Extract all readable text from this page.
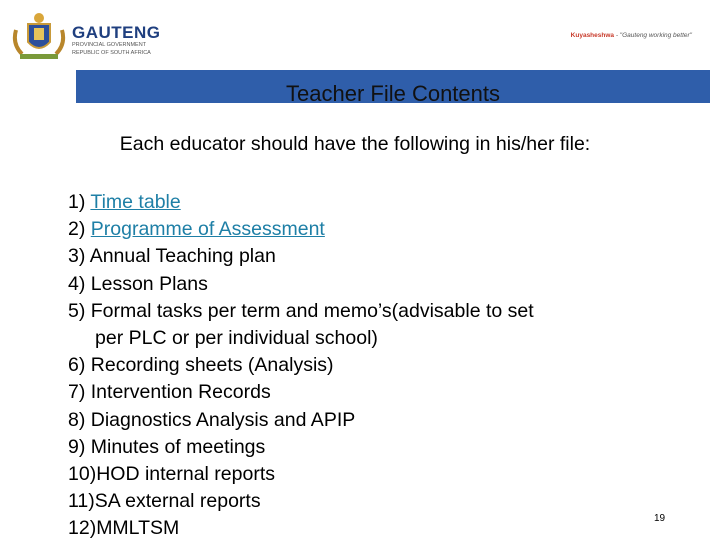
GAUTENG
PROVINCIAL GOVERNMENT
REPUBLIC OF SOUTH AFRICA
Kuyasheshwa - "Gauteng working better"
Teacher File Contents
Each educator should have the following in his/her file:
1) Time table
2) Programme of Assessment
3) Annual Teaching plan
4) Lesson Plans
5) Formal tasks per term and memo’s(advisable to set
per PLC or per individual school)
6) Recording sheets (Analysis)
7) Intervention Records
8) Diagnostics Analysis and APIP
9) Minutes of meetings
10)HOD internal reports
11)SA external reports
12)MMLTSM	19
